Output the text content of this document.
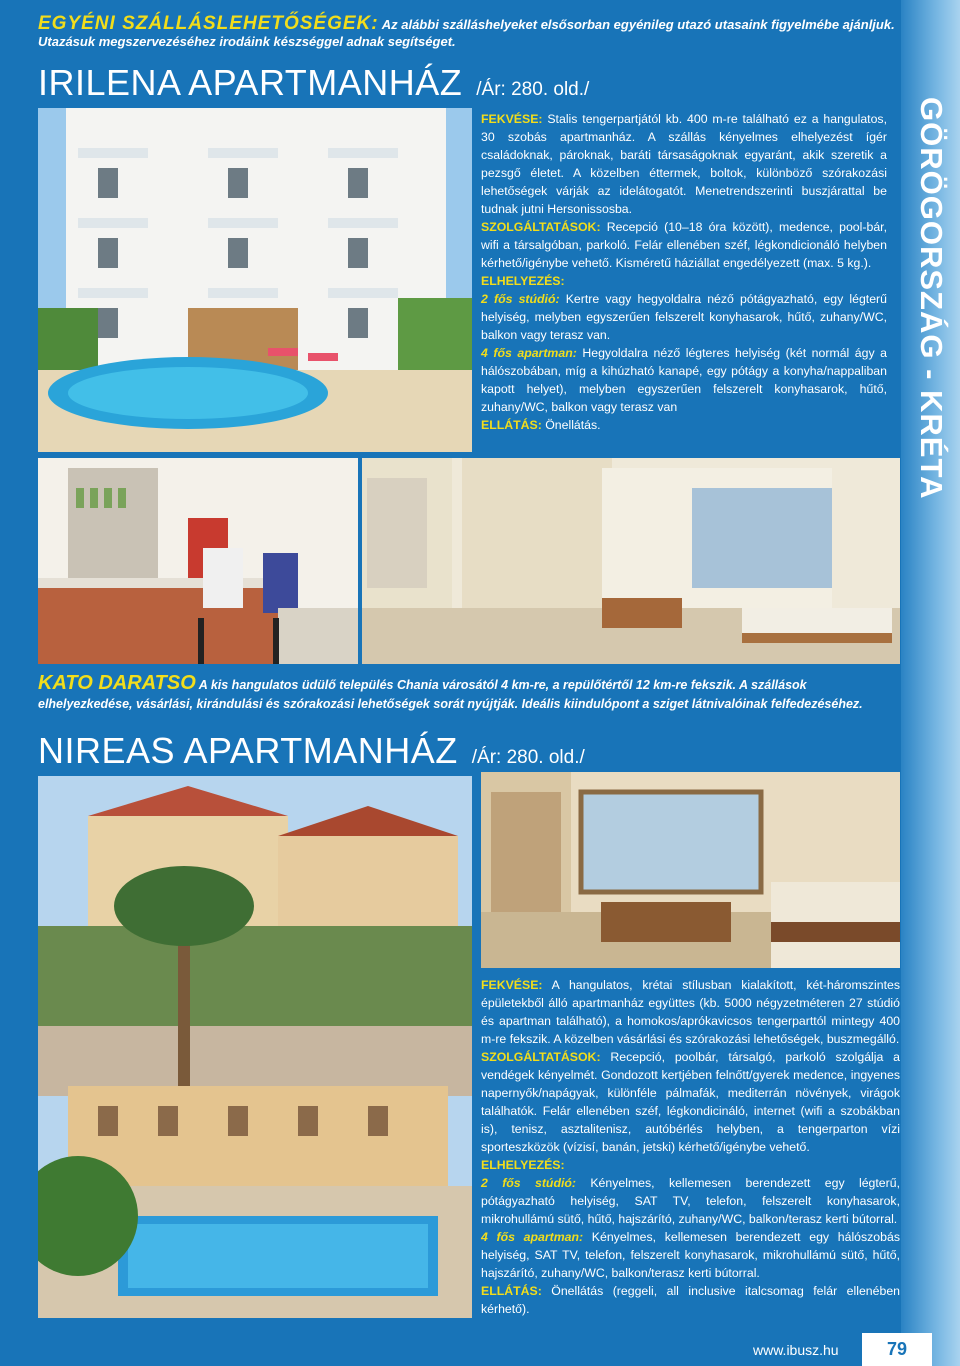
GÖRÖGORSZÁG - KRÉTA
EGYÉNI SZÁLLÁSLEHETŐSÉGEK: Az alábbi szálláshelyeket elsősorban egyénileg utazó utasaink figyelmébe ajánljuk. Utazásuk megszervezéséhez irodáink készséggel adnak segítséget.
IRILENA APARTMANHÁZ /Ár: 280. old./

FEKVÉSE: Stalis tengerpartjától kb. 400 m-re található ez a hangulatos, 30 szobás apartmanház. A szállás kényelmes elhelyezést ígér családoknak, pároknak, baráti társaságoknak egyaránt, akik szeretik a pezsgő életet. A közelben éttermek, boltok, különböző szórakozási lehetőségek várják az idelátogatót. Menetrendszerinti buszjárattal be tudnak jutni Hersonissosba.

SZOLGÁLTATÁSOK: Recepció (10–18 óra között), medence, pool-bár, wifi a társalgóban, parkoló. Felár ellenében széf, légkondicionáló helyben kérhető/igénybe vehető. Kisméretű háziállat engedélyezett (max. 5 kg.).

ELHELYEZÉS:

2 fős stúdió: Kertre vagy hegyoldalra néző pótágyazható, egy légterű helyiség, melyben egyszerűen felszerelt konyhasarok, hűtő, zuhany/WC, balkon vagy terasz van.

4 fős apartman: Hegyoldalra néző légteres helyiség (két normál ágy a hálószobában, míg a kihúzható kanapé, egy pótágy a konyha/nappaliban kapott helyet), melyben egyszerűen felszerelt konyhasarok, hűtő, zuhany/WC, balkon vagy terasz van

ELLÁTÁS: Önellátás.

KATO DARATSO A kis hangulatos üdülő település Chania városától 4 km-re, a repülőtértől 12 km-re fekszik. A szállások elhelyezkedése, vásárlási, kirándulási és szórakozási lehetőségek sorát nyújtják. Ideális kiindulópont a sziget látnivalóinak felfedezéséhez.
NIREAS APARTMANHÁZ /Ár: 280. old./

FEKVÉSE: A hangulatos, krétai stílusban kialakított, két-háromszintes épületekből álló apartmanház együttes (kb. 5000 négyzetméteren 27 stúdió és apartman található), a homokos/aprókavicsos tengerparttól mintegy 400 m-re fekszik. A közelben vásárlási és szórakozási lehetőségek, buszmegálló.

SZOLGÁLTATÁSOK: Recepció, poolbár, társalgó, parkoló szolgálja a vendégek kényelmét. Gondozott kertjében felnőtt/gyerek medence, ingyenes napernyők/napágyak, különféle pálmafák, mediterrán növények, virágok találhatók. Felár ellenében széf, légkondicináló, internet (wifi a szobákban is), tenisz, asztalitenisz, autóbérlés helyben, a tengerparton vízi sporteszközök (vízisí, banán, jetski) kérhető/igénybe vehető.

ELHELYEZÉS:

2 fős stúdió: Kényelmes, kellemesen berendezett egy légterű, pótágyazható helyiség, SAT TV, telefon, felszerelt konyhasarok, mikrohullámú sütő, hűtő, hajszárító, zuhany/WC, balkon/terasz kerti bútorral.

4 fős apartman: Kényelmes, kellemesen berendezett egy hálószobás helyiség, SAT TV, telefon, felszerelt konyhasarok, mikrohullámú sütő, hűtő, hajszárító, zuhany/WC, balkon/terasz kerti bútorral.

ELLÁTÁS: Önellátás (reggeli, all inclusive italcsomag felár ellenében kérhető).

www.ibusz.hu	79
